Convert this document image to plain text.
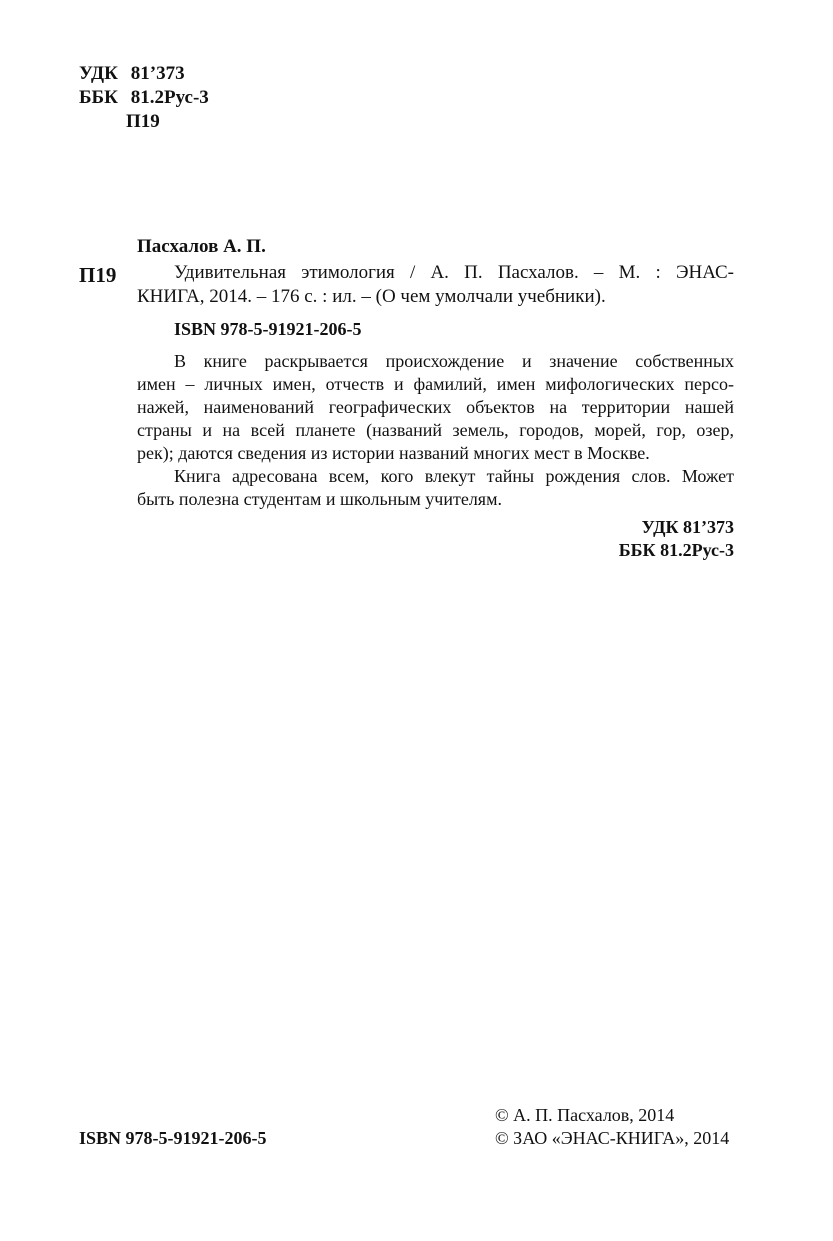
УДК 81’373
ББК 81.2Рус-3
П19
П19
Пасхалов А. П.
Удивительная этимология / А. П. Пасхалов. – М. : ЭНАС-
КНИГА, 2014. – 176 с. : ил. – (О чем умолчали учебники).
ISBN 978-5-91921-206-5
В книге раскрывается происхождение и значение собственных
имен – личных имен, отчеств и фамилий, имен мифологических персо-
нажей, наименований географических объектов на территории нашей
страны и на всей планете (названий земель, городов, морей, гор, озер,
рек); даются сведения из истории названий многих мест в Москве.
Книга адресована всем, кого влекут тайны рождения слов. Может
быть полезна студентам и школьным учителям.
УДК 81’373
ББК 81.2Рус-3
ISBN 978-5-91921-206-5
© А. П. Пасхалов, 2014
© ЗАО «ЭНАС-КНИГА», 2014
